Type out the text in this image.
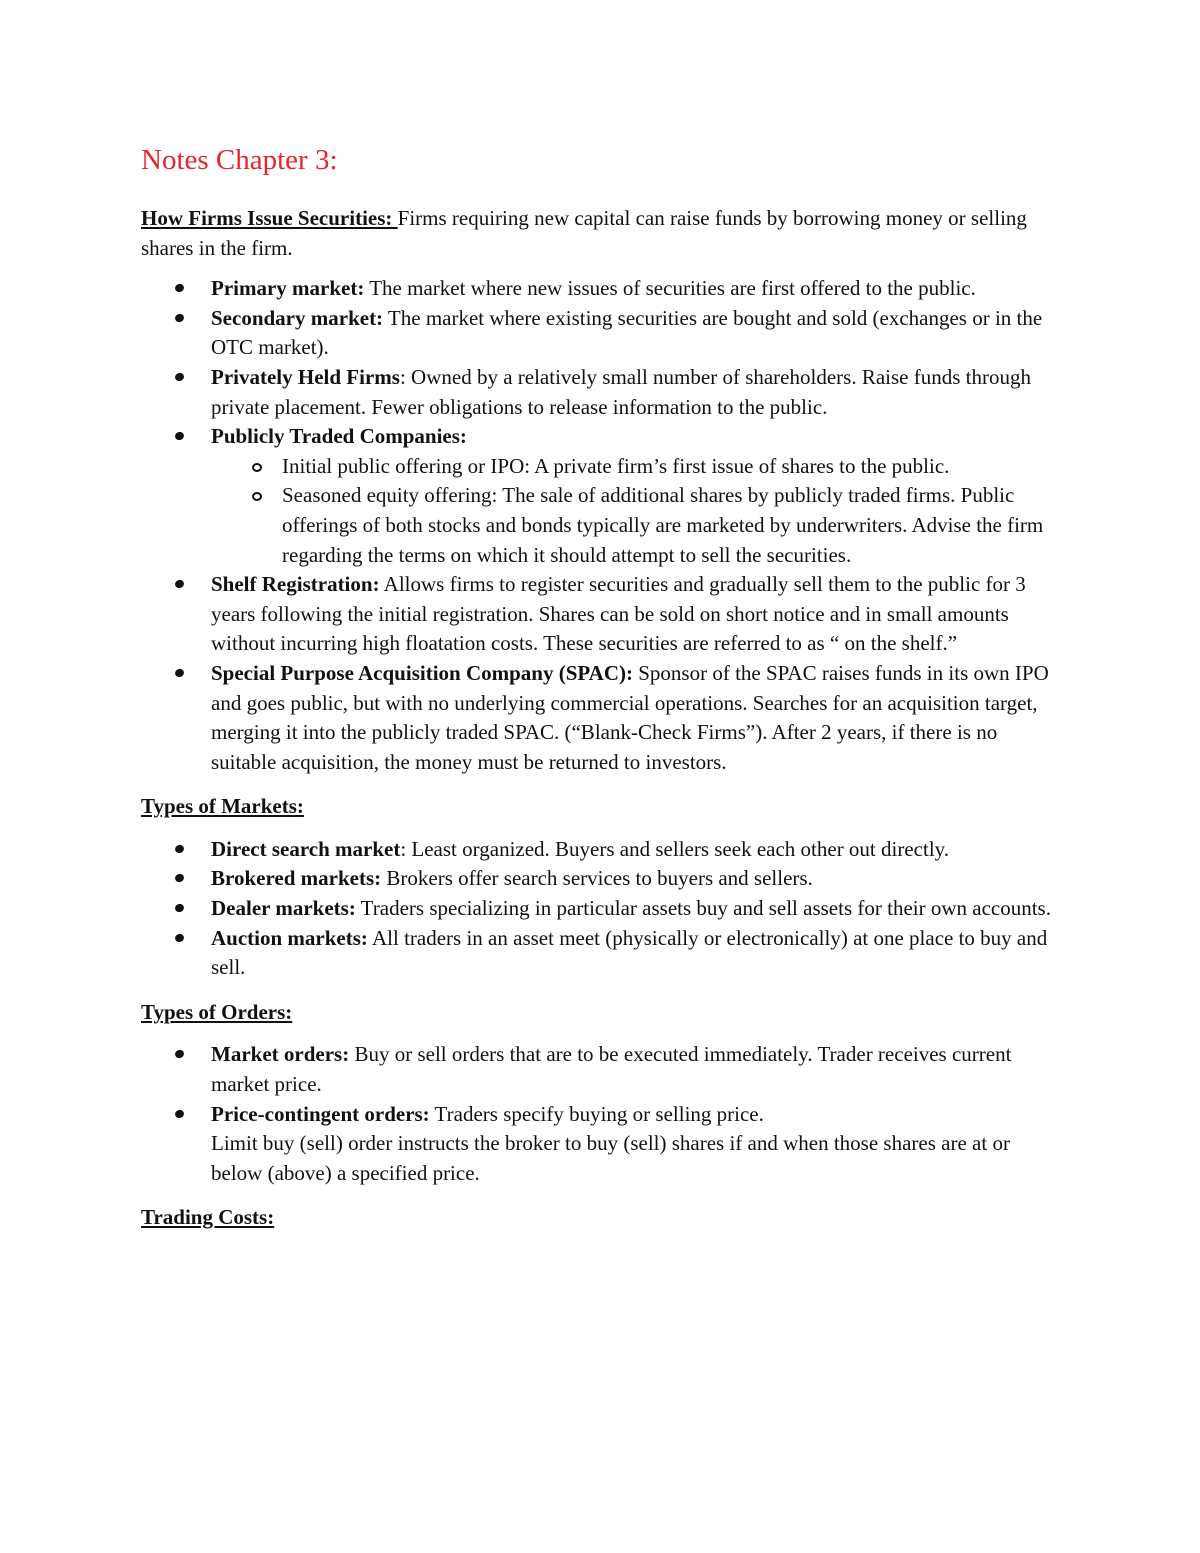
Notes Chapter 3:

How Firms Issue Securities: Firms requiring new capital can raise funds by borrowing money or selling shares in the firm.

Primary market: The market where new issues of securities are first offered to the public.
Secondary market: The market where existing securities are bought and sold (exchanges or in the OTC market).
Privately Held Firms: Owned by a relatively small number of shareholders. Raise funds through private placement. Fewer obligations to release information to the public.
Publicly Traded Companies:
Initial public offering or IPO: A private firm’s first issue of shares to the public.
Seasoned equity offering: The sale of additional shares by publicly traded firms. Public offerings of both stocks and bonds typically are marketed by underwriters. Advise the firm regarding the terms on which it should attempt to sell the securities.
Shelf Registration: Allows firms to register securities and gradually sell them to the public for 3 years following the initial registration. Shares can be sold on short notice and in small amounts without incurring high floatation costs. These securities are referred to as “ on the shelf.”
Special Purpose Acquisition Company (SPAC): Sponsor of the SPAC raises funds in its own IPO and goes public, but with no underlying commercial operations. Searches for an acquisition target, merging it into the publicly traded SPAC. (“Blank-Check Firms”). After 2 years, if there is no suitable acquisition, the money must be returned to investors.
Types of Markets:
Direct search market: Least organized. Buyers and sellers seek each other out directly.
Brokered markets: Brokers offer search services to buyers and sellers.
Dealer markets: Traders specializing in particular assets buy and sell assets for their own accounts.
Auction markets: All traders in an asset meet (physically or electronically) at one place to buy and sell.
Types of Orders:
Market orders: Buy or sell orders that are to be executed immediately. Trader receives current market price.
Price-contingent orders: Traders specify buying or selling price.
Limit buy (sell) order instructs the broker to buy (sell) shares if and when those shares are at or below (above) a specified price.
Trading Costs:
